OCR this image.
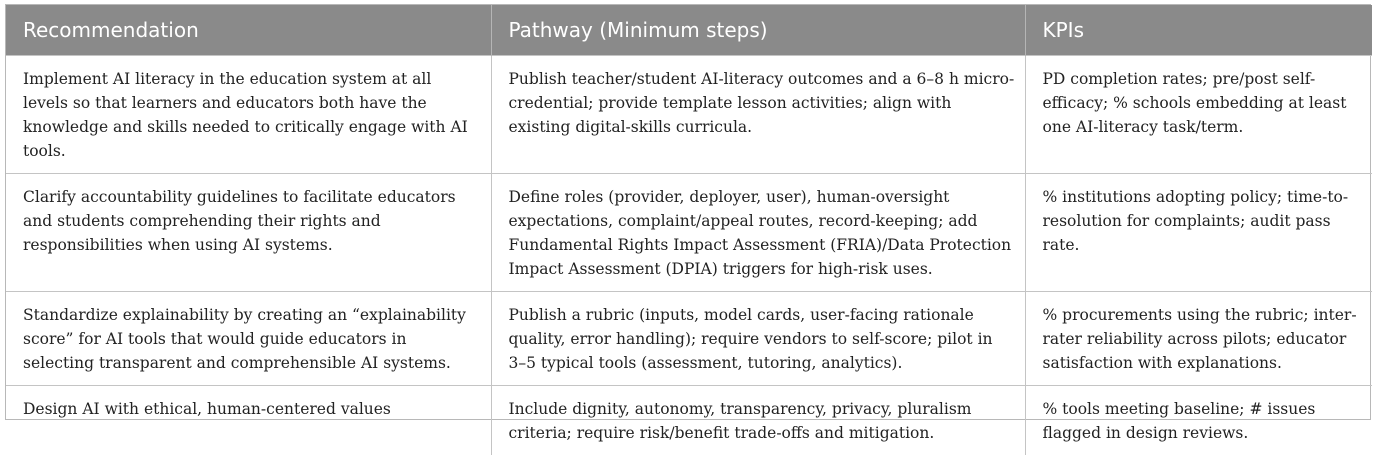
Recommendation	Pathway (Minimum steps)	KPIs
Implement AI literacy in the education system at all levels so that learners and educators both have the knowledge and skills needed to critically engage with AI tools.	Publish teacher/student AI-literacy outcomes and a 6–8 h micro-credential; provide template lesson activities; align with existing digital-skills curricula.	PD completion rates; pre/post self-efficacy; % schools embedding at least one AI-literacy task/term.
Clarify accountability guidelines to facilitate educators and students comprehending their rights and responsibilities when using AI systems.	Define roles (provider, deployer, user), human-oversight expectations, complaint/appeal routes, record-keeping; add Fundamental Rights Impact Assessment (FRIA)/Data Protection Impact Assessment (DPIA) triggers for high-risk uses.	% institutions adopting policy; time-to-resolution for complaints; audit pass rate.
Standardize explainability by creating an “explainability score” for AI tools that would guide educators in selecting transparent and comprehensible AI systems.	Publish a rubric (inputs, model cards, user-facing rationale quality, error handling); require vendors to self-score; pilot in 3–5 typical tools (assessment, tutoring, analytics).	% procurements using the rubric; inter-rater reliability across pilots; educator satisfaction with explanations.
Design AI with ethical, human-centered values	Include dignity, autonomy, transparency, privacy, pluralism criteria; require risk/benefit trade-offs and mitigation.	% tools meeting baseline; # issues flagged in design reviews.
